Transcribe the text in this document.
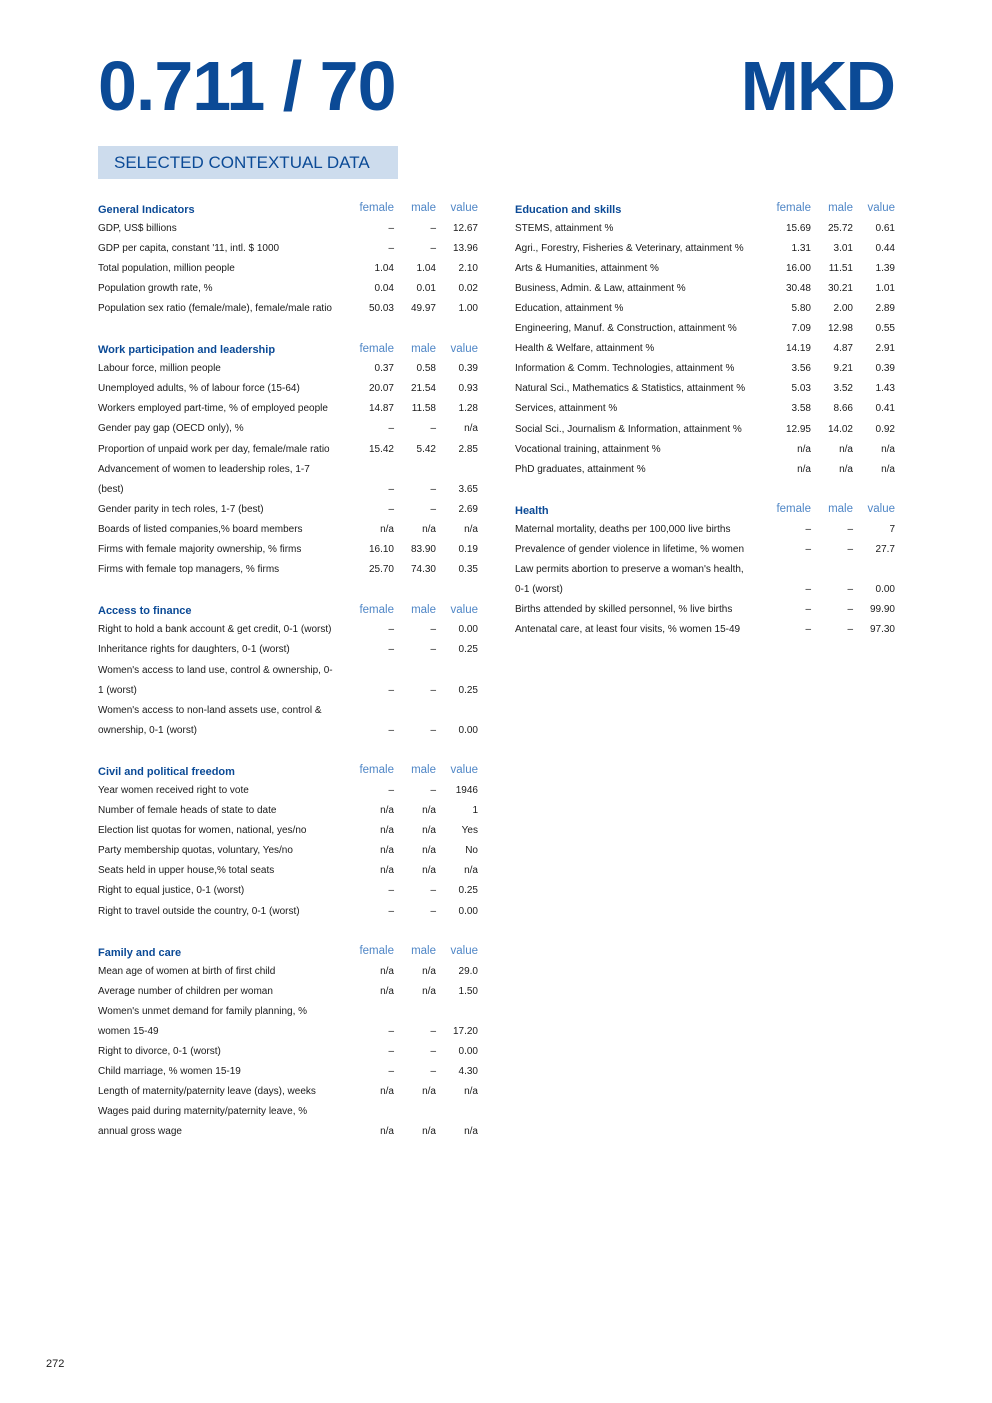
0.711 / 70	MKD
SELECTED CONTEXTUAL DATA
General Indicators	female	male	value
GDP, US$ billions	–	–	12.67
GDP per capita, constant '11, intl. $ 1000	–	–	13.96
Total population, million people	1.04	1.04	2.10
Population growth rate, %	0.04	0.01	0.02
Population sex ratio (female/male), female/male ratio	50.03	49.97	1.00
Work participation and leadership	female	male	value
Labour force, million people	0.37	0.58	0.39
Unemployed adults, % of labour force (15-64)	20.07	21.54	0.93
Workers employed part-time, % of employed people	14.87	11.58	1.28
Gender pay gap (OECD only), %	–	–	n/a
Proportion of unpaid work per day, female/male ratio	15.42	5.42	2.85
Advancement of women to leadership roles, 1-7
(best)	–	–	3.65
Gender parity in tech roles, 1-7 (best)	–	–	2.69
Boards of listed companies,% board members	n/a	n/a	n/a
Firms with female majority ownership, % firms	16.10	83.90	0.19
Firms with female top managers, % firms	25.70	74.30	0.35
Access to finance	female	male	value
Right to hold a bank account & get credit, 0-1 (worst)	–	–	0.00
Inheritance rights for daughters, 0-1 (worst)	–	–	0.25
Women's access to land use, control & ownership, 0-
1 (worst)	–	–	0.25
Women's access to non-land assets use, control &
ownership, 0-1 (worst)	–	–	0.00
Civil and political freedom	female	male	value
Year women received right to vote	–	–	1946
Number of female heads of state to date	n/a	n/a	1
Election list quotas for women, national, yes/no	n/a	n/a	Yes
Party membership quotas, voluntary, Yes/no	n/a	n/a	No
Seats held in upper house,% total seats	n/a	n/a	n/a
Right to equal justice, 0-1 (worst)	–	–	0.25
Right to travel outside the country, 0-1 (worst)	–	–	0.00
Family and care	female	male	value
Mean age of women at birth of first child	n/a	n/a	29.0
Average number of children per woman	n/a	n/a	1.50
Women's unmet demand for family planning, %
women 15-49	–	–	17.20
Right to divorce, 0-1 (worst)	–	–	0.00
Child marriage, % women 15-19	–	–	4.30
Length of maternity/paternity leave (days), weeks	n/a	n/a	n/a
Wages paid during maternity/paternity leave, %
annual gross wage	n/a	n/a	n/a
Education and skills	female	male	value
STEMS, attainment %	15.69	25.72	0.61
Agri., Forestry, Fisheries & Veterinary, attainment %	1.31	3.01	0.44
Arts & Humanities, attainment %	16.00	11.51	1.39
Business, Admin. & Law, attainment %	30.48	30.21	1.01
Education, attainment %	5.80	2.00	2.89
Engineering, Manuf. & Construction, attainment %	7.09	12.98	0.55
Health & Welfare, attainment %	14.19	4.87	2.91
Information & Comm. Technologies, attainment %	3.56	9.21	0.39
Natural Sci., Mathematics & Statistics, attainment %	5.03	3.52	1.43
Services, attainment %	3.58	8.66	0.41
Social Sci., Journalism & Information, attainment %	12.95	14.02	0.92
Vocational training, attainment %	n/a	n/a	n/a
PhD graduates, attainment %	n/a	n/a	n/a
Health	female	male	value
Maternal mortality, deaths per 100,000 live births	–	–	7
Prevalence of gender violence in lifetime, % women	–	–	27.7
Law permits abortion to preserve a woman's health,
0-1 (worst)	–	–	0.00
Births attended by skilled personnel, % live births	–	–	99.90
Antenatal care, at least four visits, % women 15-49	–	–	97.30
272
